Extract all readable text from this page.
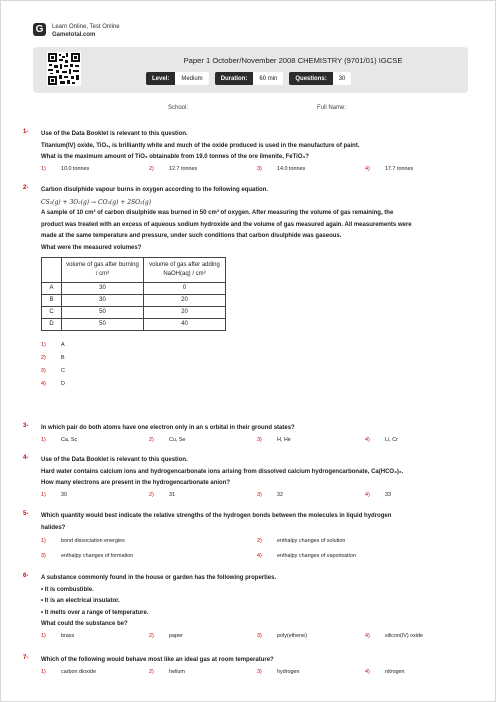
G	Learn Online, Test Online
Gametotal.com
Paper 1 October/November 2008 CHEMISTRY (9701/01) IGCSE
Level:	Medium	Duration:	60 min	Questions:	30
School:	Full Name:
1- Use of the Data Booklet is relevant to this question.
Titanium(IV) oxide, TiO₂, is brilliantly white and much of the oxide produced is used in the manufacture of paint.
What is the maximum amount of TiO₂ obtainable from 19.0 tonnes of the ore ilmenite, FeTiO₃?
1)	10.0 tonnes	2)	12.7 tonnes	3)	14.0 tonnes	4)	17.7 tonnes
2- Carbon disulphide vapour burns in oxygen according to the following equation.
CS₂(g) + 3O₂(g) → CO₂(g) + 2SO₂(g)
A sample of 10 cm³ of carbon disulphide was burned in 50 cm³ of oxygen. After measuring the volume of gas remaining, the
product was treated with an excess of aqueous sodium hydroxide and the volume of gas measured again. All measurements were
made at the same temperature and pressure, under such conditions that carbon disulphide was gaseous.
What were the measured volumes?
	volume of gas after burning / cm³	volume of gas after adding NaOH(aq) / cm³
A	30	0
B	30	20
C	50	20
D	50	40
1)	A
2)	B
3)	C
4)	D
3- In which pair do both atoms have one electron only in an s orbital in their ground states?
1)	Ca, Sc	2)	Cu, Se	3)	H, He	4)	Li, Cr
4- Use of the Data Booklet is relevant to this question.
Hard water contains calcium ions and hydrogencarbonate ions arising from dissolved calcium hydrogencarbonate, Ca(HCO₃)₂.
How many electrons are present in the hydrogencarbonate anion?
1)	30	2)	31	3)	32	4)	33
5- Which quantity would best indicate the relative strengths of the hydrogen bonds between the molecules in liquid hydrogen
halides?
1)	bond dissociation energies	2)	enthalpy changes of solution
3)	enthalpy changes of formation	4)	enthalpy changes of vaporisation
6- A substance commonly found in the house or garden has the following properties.
• It is combustible.
• It is an electrical insulator.
• It melts over a range of temperature.
What could the substance be?
1)	brass	2)	paper	3)	poly(ethene)	4)	silicon(IV) oxide
7- Which of the following would behave most like an ideal gas at room temperature?
1)	carbon dioxide	2)	helium	3)	hydrogen	4)	nitrogen
